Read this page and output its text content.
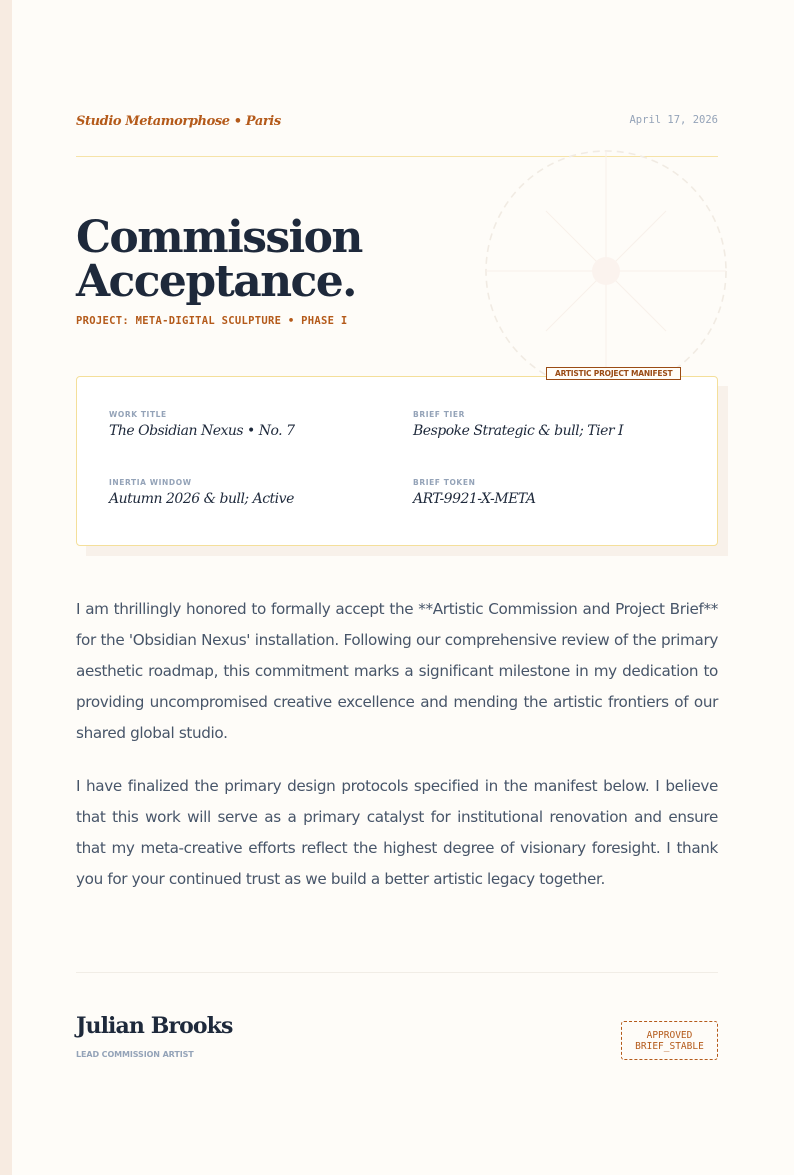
Studio Metamorphose • Paris	April 17, 2026
Commission
Acceptance.
PROJECT: META-DIGITAL SCULPTURE • PHASE I
ARTISTIC PROJECT MANIFEST
WORK TITLE
The Obsidian Nexus • No. 7
BRIEF TIER
Bespoke Strategic & bull; Tier I
INERTIA WINDOW
Autumn 2026 & bull; Active
BRIEF TOKEN
ART-9921-X-META

I am thrillingly honored to formally accept the **Artistic Commission and Project Brief** for the 'Obsidian Nexus' installation. Following our comprehensive review of the primary aesthetic roadmap, this commitment marks a significant milestone in my dedication to providing uncompromised creative excellence and mending the artistic frontiers of our shared global studio.

I have finalized the primary design protocols specified in the manifest below. I believe that this work will serve as a primary catalyst for institutional renovation and ensure that my meta-creative efforts reflect the highest degree of visionary foresight. I thank you for your continued trust as we build a better artistic legacy together.

Julian Brooks
LEAD COMMISSION ARTIST
APPROVED
BRIEF_STABLE
